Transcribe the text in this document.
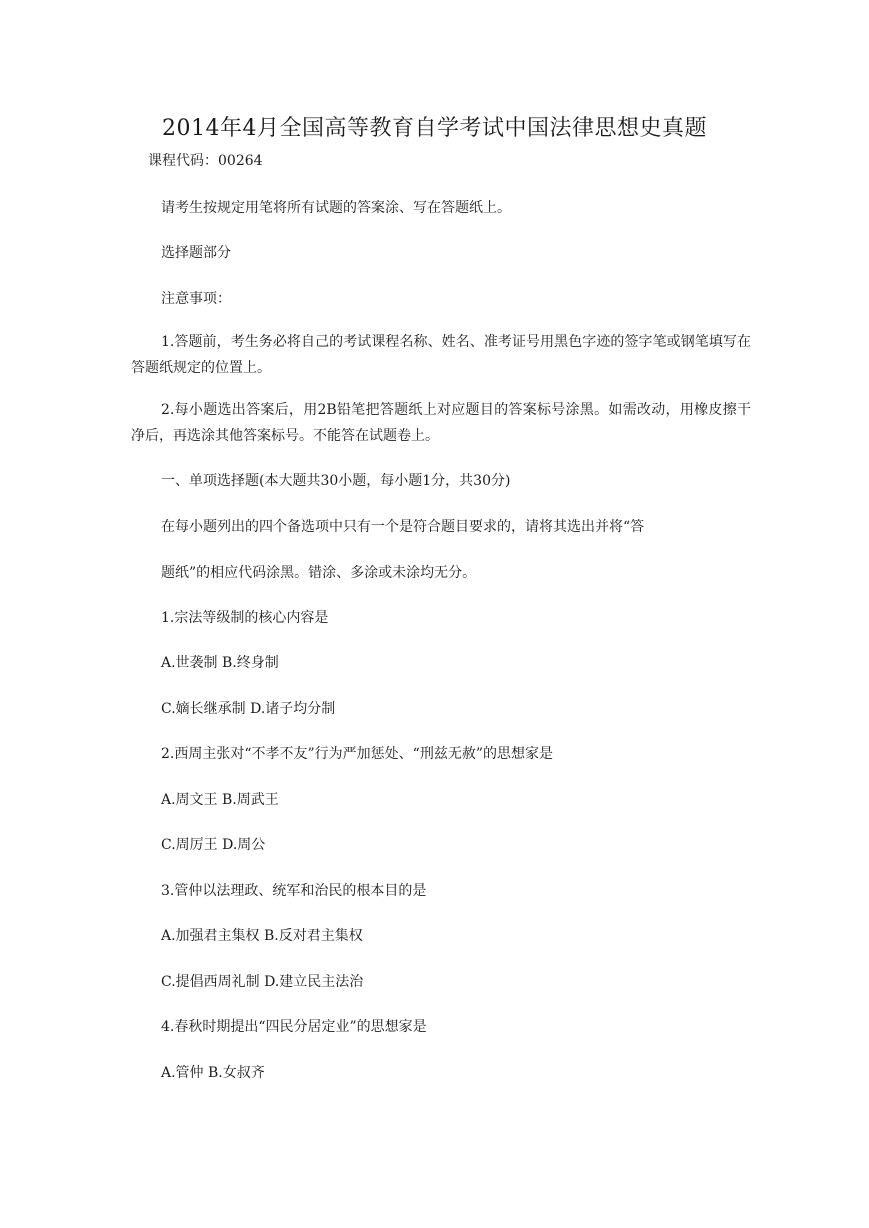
2014年4月全国高等教育自学考试中国法律思想史真题
课程代码：00264
请考生按规定用笔将所有试题的答案涂、写在答题纸上。
选择题部分
注意事项：
1.答题前，考生务必将自己的考试课程名称、姓名、准考证号用黑色字迹的签字笔或钢笔填写在答题纸规定的位置上。
2.每小题选出答案后，用2B铅笔把答题纸上对应题目的答案标号涂黑。如需改动，用橡皮擦干净后，再选涂其他答案标号。不能答在试题卷上。
一、单项选择题(本大题共30小题，每小题1分，共30分)
在每小题列出的四个备选项中只有一个是符合题目要求的，请将其选出并将“答
题纸”的相应代码涂黑。错涂、多涂或未涂均无分。
1.宗法等级制的核心内容是
A.世袭制 B.终身制
C.嫡长继承制 D.诸子均分制
2.西周主张对“不孝不友”行为严加惩处、“刑兹无赦”的思想家是
A.周文王 B.周武王
C.周厉王 D.周公
3.管仲以法理政、统军和治民的根本目的是
A.加强君主集权 B.反对君主集权
C.提倡西周礼制 D.建立民主法治
4.春秋时期提出“四民分居定业”的思想家是
A.管仲 B.女叔齐
